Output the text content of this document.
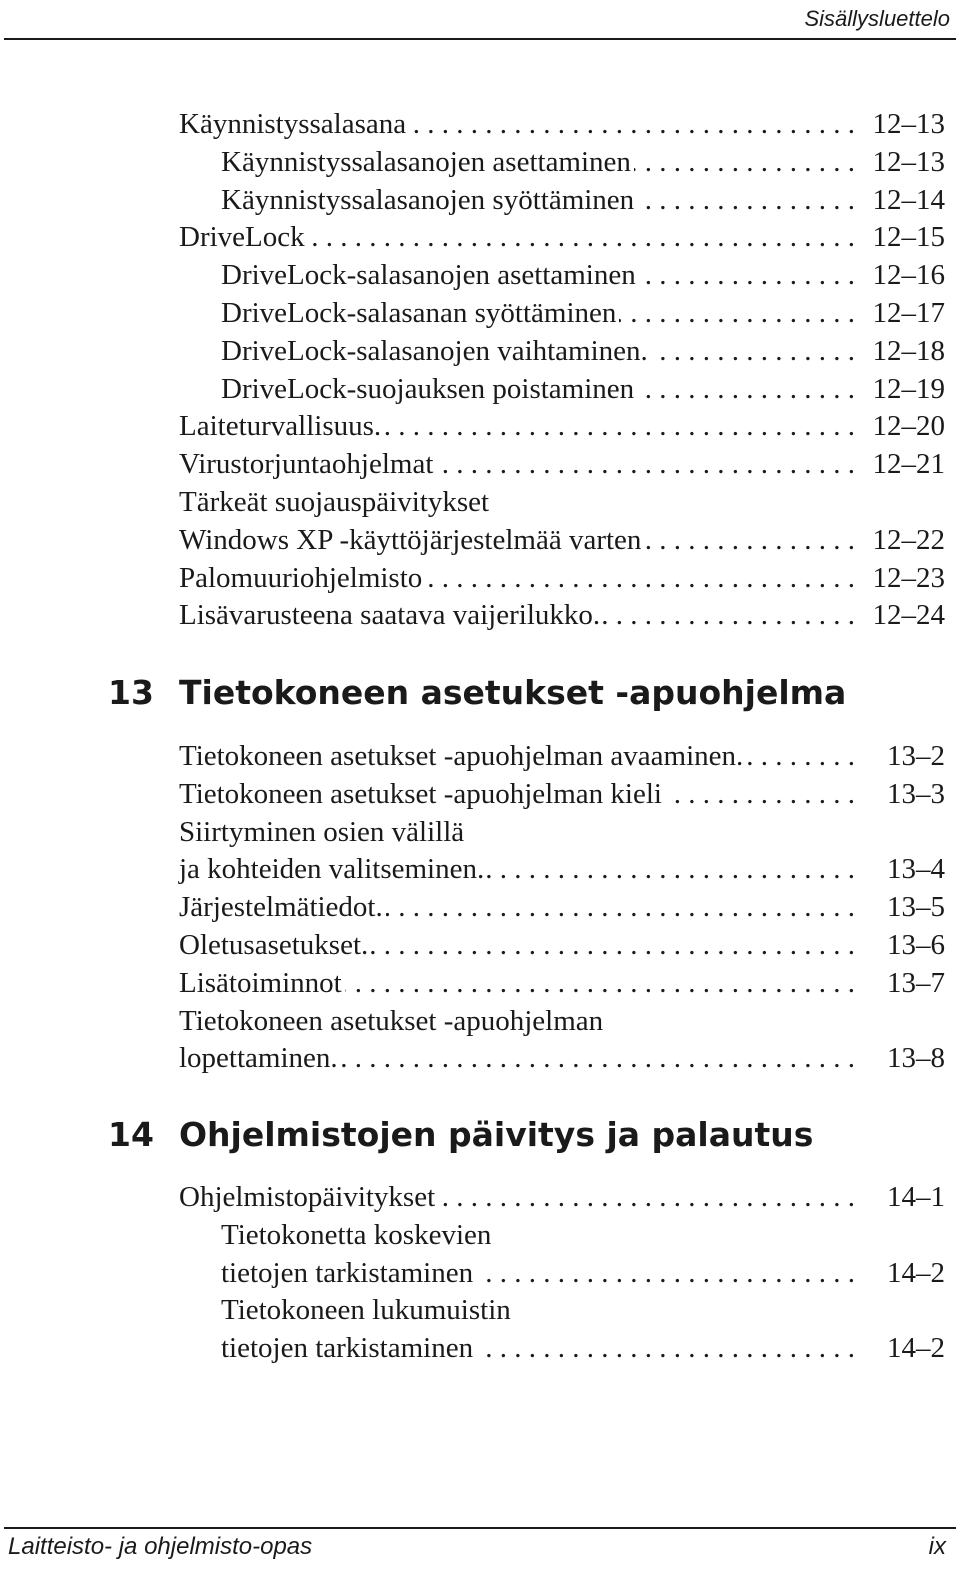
Sisällysluettelo
Käynnistyssalasana . . .	12–13
Käynnistyssalasanojen asettaminen . . .	12–13
Käynnistyssalasanojen syöttäminen . . .	12–14
DriveLock . . .	12–15
DriveLock-salasanojen asettaminen . . .	12–16
DriveLock-salasanan syöttäminen . . .	12–17
DriveLock-salasanojen vaihtaminen. . . .	12–18
DriveLock-suojauksen poistaminen . . .	12–19
Laiteturvallisuus. . . .	12–20
Virustorjuntaohjelmat . . .	12–21
Tärkeät suojauspäivitykset
Windows XP -käyttöjärjestelmää varten . . .	12–22
Palomuuriohjelmisto . . .	12–23
Lisävarusteena saatava vaijerilukko. . . .	12–24
13 Tietokoneen asetukset -apuohjelma
Tietokoneen asetukset -apuohjelman avaaminen. . . .	13–2
Tietokoneen asetukset -apuohjelman kieli . . .	13–3
Siirtyminen osien välillä
ja kohteiden valitseminen. . . .	13–4
Järjestelmätiedot. . . .	13–5
Oletusasetukset. . . .	13–6
Lisätoiminnot . . .	13–7
Tietokoneen asetukset -apuohjelman
lopettaminen. . . .	13–8
14 Ohjelmistojen päivitys ja palautus
Ohjelmistopäivitykset . . .	14–1
Tietokonetta koskevien
tietojen tarkistaminen . . .	14–2
Tietokoneen lukumuistin
tietojen tarkistaminen . . .	14–2
Laitteisto- ja ohjelmisto-opas	ix
